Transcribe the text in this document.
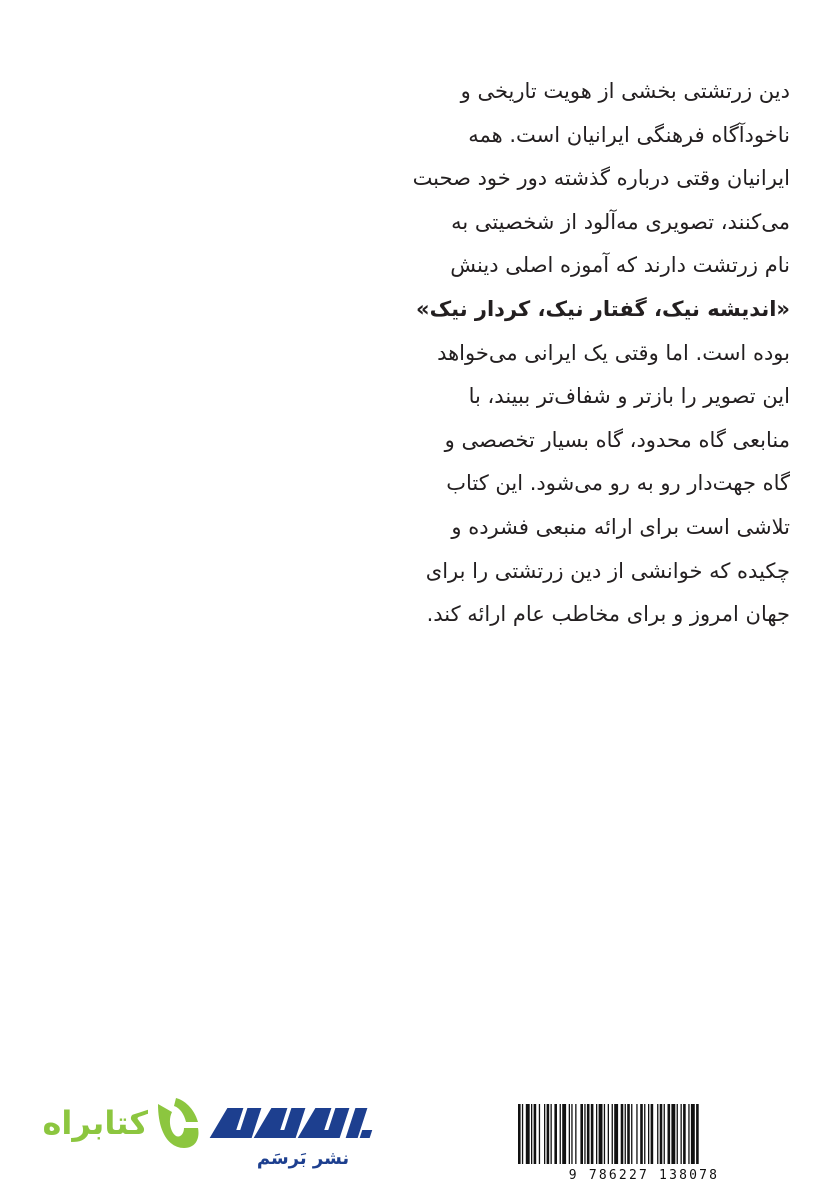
دین زرتشتی بخشی از هویت تاریخی و
ناخودآگاه فرهنگی ایرانیان است. همه
ایرانیان وقتی درباره گذشته دور خود صحبت
می‌کنند، تصویری مه‌آلود از شخصیتی به
نام زرتشت دارند که آموزه اصلی دینش
«اندیشه نیک، گفتار نیک، کردار نیک»
بوده است. اما وقتی یک ایرانی می‌خواهد
این تصویر را بازتر و شفاف‌تر ببیند، با
منابعی گاه محدود، گاه بسیار تخصصی و
گاه جهت‌دار رو به رو می‌شود. این کتاب
تلاشی است برای ارائه منبعی فشرده و
چکیده که خوانشی از دین زرتشتی را برای
جهان امروز و برای مخاطب عام ارائه کند.
کتابراه
نشر بَرسَم
9 786227 138078
